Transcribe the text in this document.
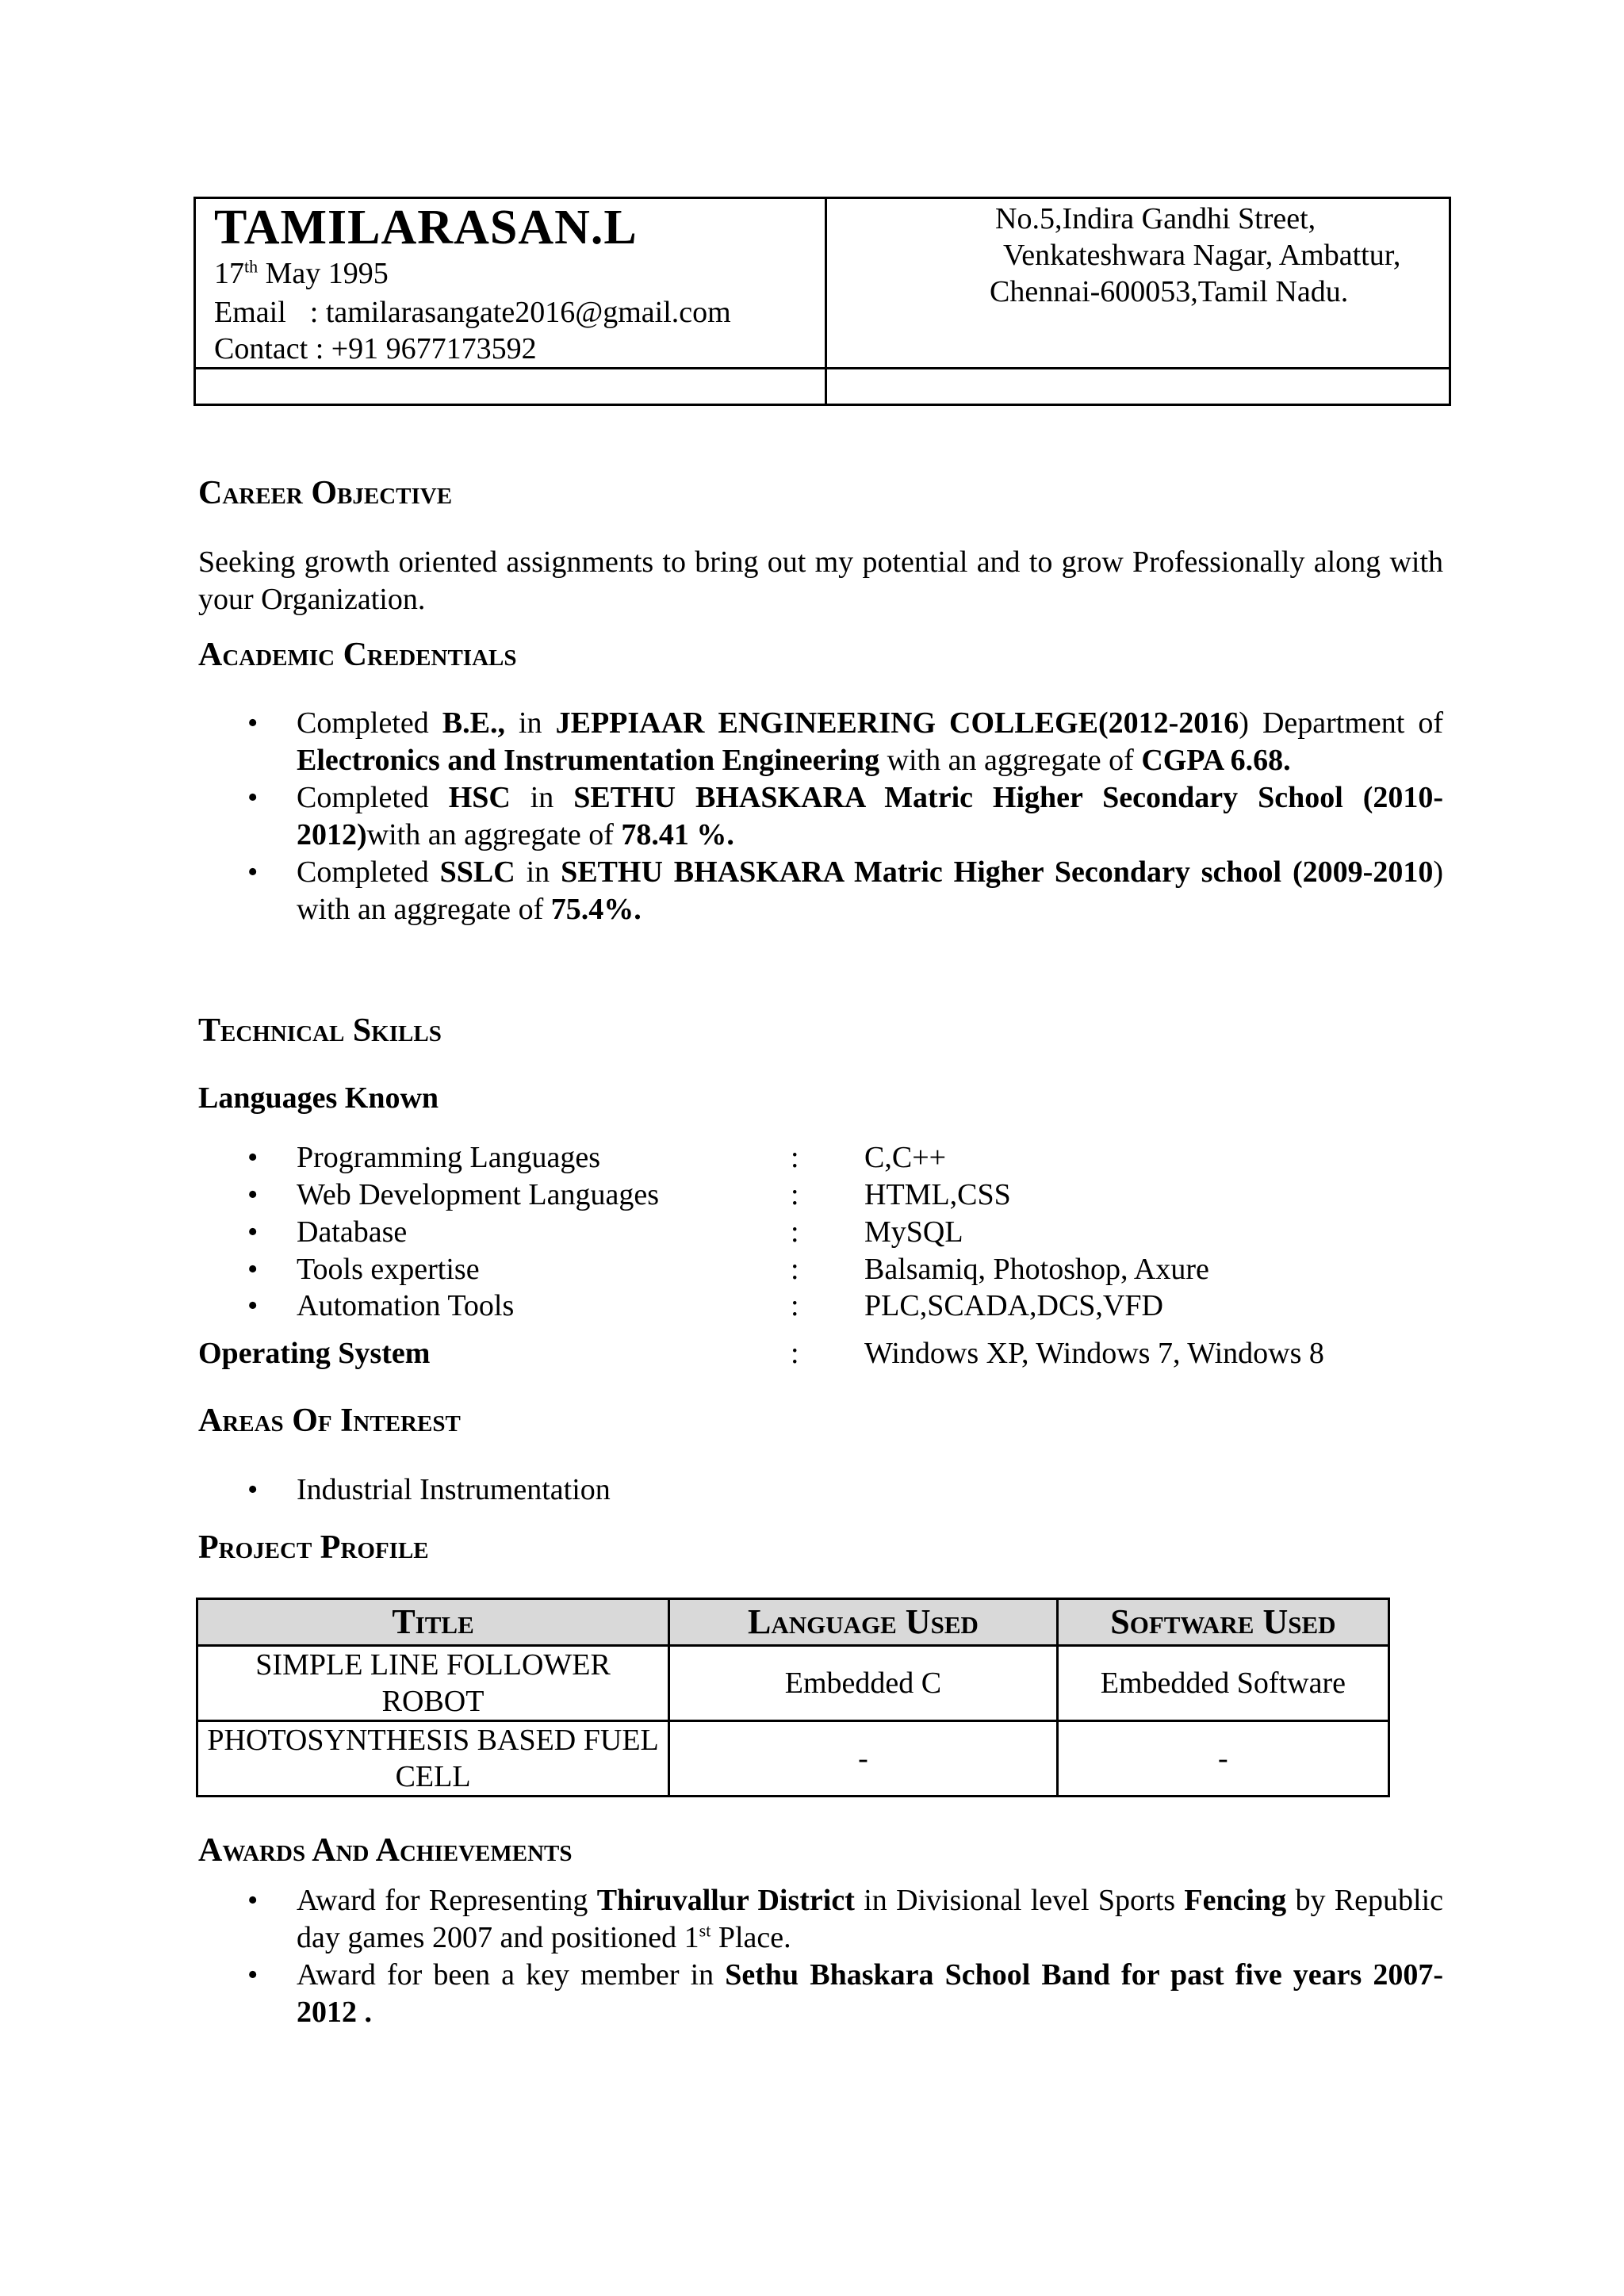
TAMILARASAN.L
17th May 1995
Email : tamilarasangate2016@gmail.com
Contact : +91 9677173592
No.5,Indira Gandhi Street,
Venkateshwara Nagar, Ambattur,
Chennai-600053,Tamil Nadu.
Career Objective
Seeking growth oriented assignments to bring out my potential and to grow Professionally along with your Organization.
Academic Credentials
• Completed B.E., in JEPPIAAR ENGINEERING COLLEGE(2012-2016) Department of Electronics and Instrumentation Engineering with an aggregate of CGPA 6.68.
• Completed HSC in SETHU BHASKARA Matric Higher Secondary School (2010-2012)with an aggregate of 78.41 %.
• Completed SSLC in SETHU BHASKARA Matric Higher Secondary school (2009-2010) with an aggregate of 75.4%.
Technical Skills
Languages Known
• Programming Languages	: C,C++
• Web Development Languages	: HTML,CSS
• Database	: MySQL
• Tools expertise	: Balsamiq, Photoshop, Axure
• Automation Tools	: PLC,SCADA,DCS,VFD
Operating System	: Windows XP, Windows 7, Windows 8
Areas Of Interest
• Industrial Instrumentation
Project Profile
Title	Language Used	Software Used
SIMPLE LINE FOLLOWER ROBOT	Embedded C	Embedded Software
PHOTOSYNTHESIS BASED FUEL CELL	-	-
Awards And Achievements
• Award for Representing Thiruvallur District in Divisional level Sports Fencing by Republic day games 2007 and positioned 1st Place.
• Award for been a key member in Sethu Bhaskara School Band for past five years 2007-2012 .
